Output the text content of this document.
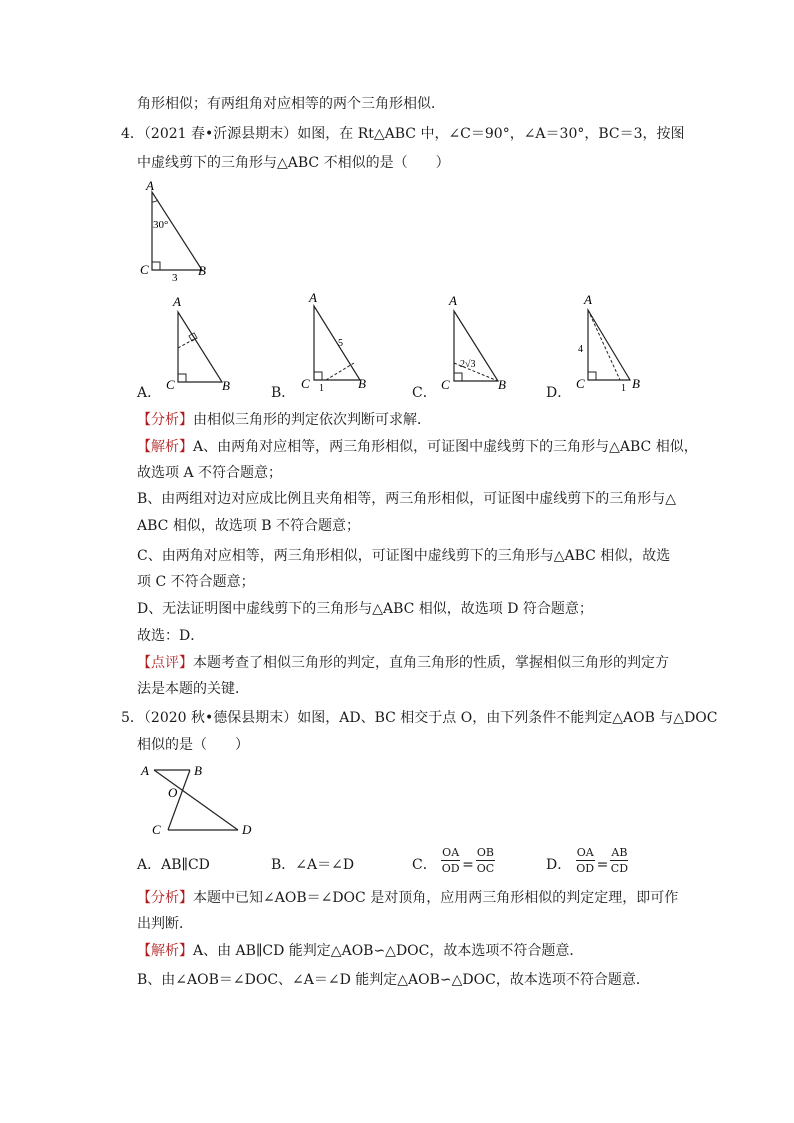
角形相似；有两组角对应相等的两个三角形相似．
4．（2021 春•沂源县期末）如图，在 Rt△ABC 中，∠C＝90°，∠A＝30°，BC＝3，按图
中虚线剪下的三角形与△ABC 不相似的是（　　）
A
C	B
30°
3
A．
A
C	B	B．
A
C	B
5
1	C．
A
C	B
2√3
D．
A
C	B
4
1
【分析】由相似三角形的判定依次判断可求解．
【解析】A、由两角对应相等，两三角形相似，可证图中虚线剪下的三角形与△ABC 相似，
故选项 A 不符合题意；
B、由两组对边对应成比例且夹角相等，两三角形相似，可证图中虚线剪下的三角形与△
ABC 相似，故选项 B 不符合题意；
C、由两角对应相等，两三角形相似，可证图中虚线剪下的三角形与△ABC 相似，故选
项 C 不符合题意；
D、无法证明图中虚线剪下的三角形与△ABC 相似，故选项 D 符合题意；
故选：D．
【点评】本题考查了相似三角形的判定，直角三角形的性质，掌握相似三角形的判定方
法是本题的关键．
5．（2020 秋•德保县期末）如图，AD、BC 相交于点 O，由下列条件不能判定△AOB 与△DOC
相似的是（　　）
A	B
O
C	D
A．AB∥CD	B．∠A＝∠D	C． $\frac{OA}{OD} = \frac{OB}{OC}$	D． $\frac{OA}{OD} = \frac{AB}{CD}$
【分析】本题中已知∠AOB＝∠DOC 是对顶角，应用两三角形相似的判定定理，即可作
出判断．
【解析】A、由 AB∥CD 能判定△AOB∽△DOC，故本选项不符合题意．
B、由∠AOB＝∠DOC、∠A＝∠D 能判定△AOB∽△DOC，故本选项不符合题意．
